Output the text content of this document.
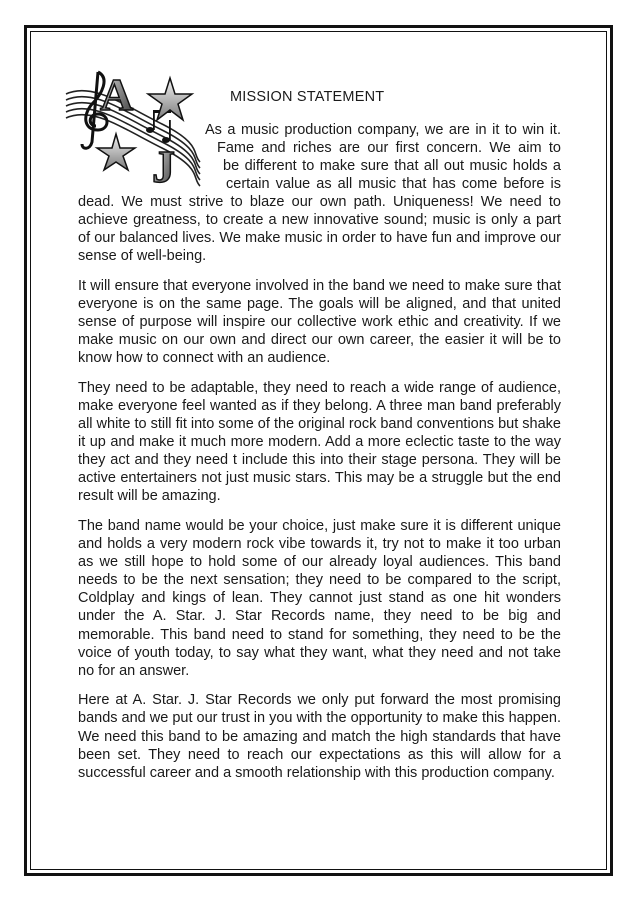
A
J
MISSION STATEMENT
As a music production company, we are in it to win it.
Fame and riches are our first concern. We aim to
be different to make sure that all out music holds a
certain value as all music that has come before is

dead. We must strive to blaze our own path. Uniqueness! We need to achieve greatness, to create a new innovative sound; music is only a part of our balanced lives. We make music in order to have fun and improve our sense of well-being.

It will ensure that everyone involved in the band we need to make sure that everyone is on the same page. The goals will be aligned, and that united sense of purpose will inspire our collective work ethic and creativity. If we make music on our own and direct our own career, the easier it will be to know how to connect with an audience.

They need to be adaptable, they need to reach a wide range of audience, make everyone feel wanted as if they belong. A three man band preferably all white to still fit into some of the original rock band conventions but shake it up and make it much more modern. Add a more eclectic taste to the way they act and they need t include this into their stage persona. They will be active entertainers not just music stars. This may be a struggle but the end result will be amazing.

The band name would be your choice, just make sure it is different unique and holds a very modern rock vibe towards it, try not to make it too urban as we still hope to hold some of our already loyal audiences. This band needs to be the next sensation; they need to be compared to the script, Coldplay and kings of lean. They cannot just stand as one hit wonders under the A. Star. J. Star Records name, they need to be big and memorable. This band need to stand for something, they need to be the voice of youth today, to say what they want, what they need and not take no for an answer.

Here at A. Star. J. Star Records we only put forward the most promising bands and we put our trust in you with the opportunity to make this happen. We need this band to be amazing and match the high standards that have been set. They need to reach our expectations as this will allow for a successful career and a smooth relationship with this production company.
